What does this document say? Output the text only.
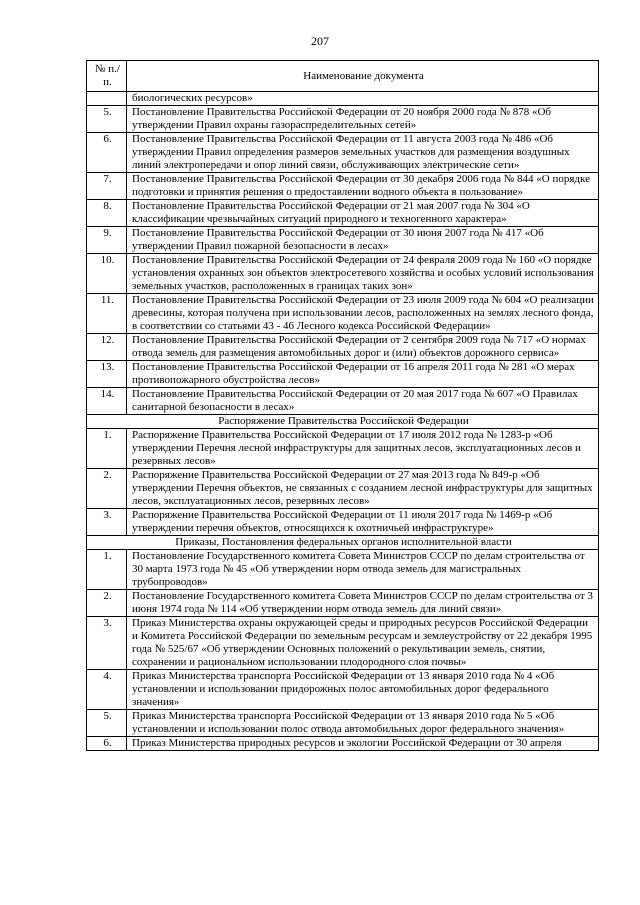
207
№ п./п.	Наименование документа
	биологических ресурсов»
5.	Постановление Правительства Российской Федерации от 20 ноября 2000 года № 878 «Об утверждении Правил охраны газораспределительных сетей»
6.	Постановление Правительства Российской Федерации от 11 августа 2003 года № 486 «Об утверждении Правил определения размеров земельных участков для размещения воздушных линий электропередачи и опор линий связи, обслуживающих электрические сети»
7.	Постановление Правительства Российской Федерации от 30 декабря 2006 года № 844 «О порядке подготовки и принятия решения о предоставлении водного объекта в пользование»
8.	Постановление Правительства Российской Федерации от 21 мая 2007 года № 304 «О классификации чрезвычайных ситуаций природного и техногенного характера»
9.	Постановление Правительства Российской Федерации от 30 июня 2007 года № 417 «Об утверждении Правил пожарной безопасности в лесах»
10.	Постановление Правительства Российской Федерации от 24 февраля 2009 года № 160 «О порядке установления охранных зон объектов электросетевого хозяйства и особых условий использования земельных участков, расположенных в границах таких зон»
11.	Постановление Правительства Российской Федерации от 23 июля 2009 года № 604 «О реализации древесины, которая получена при использовании лесов, расположенных на землях лесного фонда, в соответствии со статьями 43 - 46 Лесного кодекса Российской Федерации»
12.	Постановление Правительства Российской Федерации от 2 сентября 2009 года № 717 «О нормах отвода земель для размещения автомобильных дорог и (или) объектов дорожного сервиса»
13.	Постановление Правительства Российской Федерации от 16 апреля 2011 года № 281 «О мерах противопожарного обустройства лесов»
14.	Постановление Правительства Российской Федерации от 20 мая 2017 года № 607 «О Правилах санитарной безопасности в лесах»
Распоряжение Правительства Российской Федерации	
1.	Распоряжение Правительства Российской Федерации от 17 июля 2012 года № 1283-р «Об утверждении Перечня лесной инфраструктуры для защитных лесов, эксплуатационных лесов и резервных лесов»
2.	Распоряжение Правительства Российской Федерации от 27 мая 2013 года № 849-р «Об утверждении Перечня объектов, не связанных с созданием лесной инфраструктуры для защитных лесов, эксплуатационных лесов, резервных лесов»
3.	Распоряжение Правительства Российской Федерации от 11 июля 2017 года № 1469-р «Об утверждении перечня объектов, относящихся к охотничьей инфраструктуре»
Приказы, Постановления федеральных органов исполнительной власти	
1.	Постановление Государственного комитета Совета Министров СССР по делам строительства от 30 марта 1973 года № 45 «Об утверждении норм отвода земель для магистральных трубопроводов»
2.	Постановление Государственного комитета Совета Министров СССР по делам строительства от 3 июня 1974 года № 114 «Об утверждении норм отвода земель для линий связи»
3.	Приказ Министерства охраны окружающей среды и природных ресурсов Российской Федерации и Комитета Российской Федерации по земельным ресурсам и землеустройству от 22 декабря 1995 года № 525/67 «Об утверждении Основных положений о рекультивации земель, снятии, сохранении и рациональном использовании плодородного слоя почвы»
4.	Приказ Министерства транспорта Российской Федерации от 13 января 2010 года № 4 «Об установлении и использовании придорожных полос автомобильных дорог федерального значения»
5.	Приказ Министерства транспорта Российской Федерации от 13 января 2010 года № 5 «Об установлении и использовании полос отвода автомобильных дорог федерального значения»
6.	Приказ Министерства природных ресурсов и экологии Российской Федерации от 30 апреля
